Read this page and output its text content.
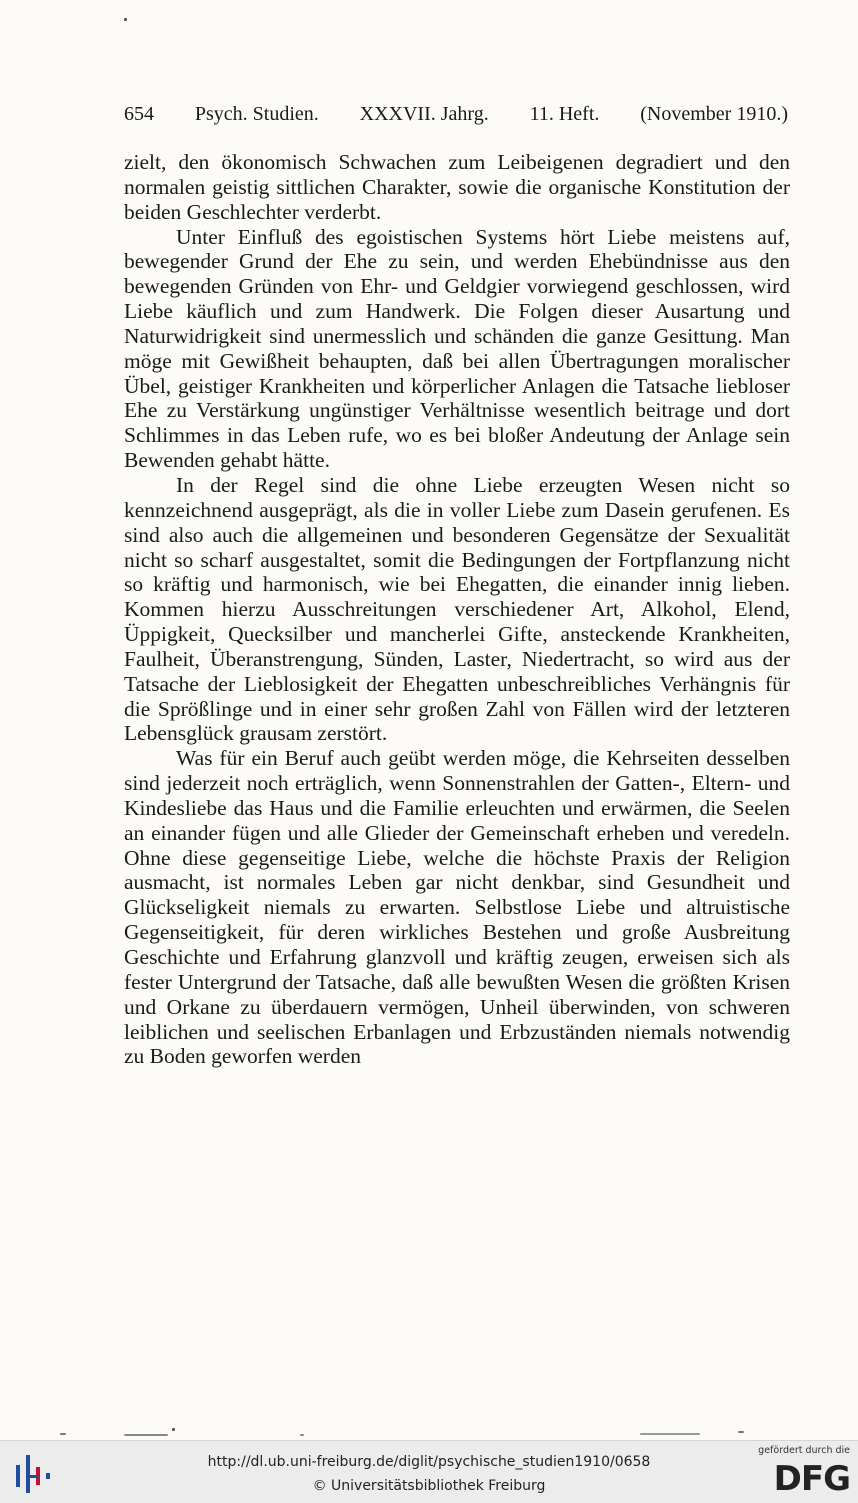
654 Psych. Studien. XXXVII. Jahrg. 11. Heft. (November 1910.)

zielt, den ökonomisch Schwachen zum Leibeigenen degradiert und den normalen geistig sittlichen Charakter, sowie die organische Konstitution der beiden Geschlechter verderbt.

Unter Einfluß des egoistischen Systems hört Liebe meistens auf, bewegender Grund der Ehe zu sein, und werden Ehebündnisse aus den bewegenden Gründen von Ehr- und Geldgier vorwiegend geschlossen, wird Liebe käuflich und zum Handwerk. Die Folgen dieser Ausartung und Naturwidrigkeit sind unermesslich und schänden die ganze Gesittung. Man möge mit Gewißheit behaupten, daß bei allen Übertragungen moralischer Übel, geistiger Krankheiten und körperlicher Anlagen die Tatsache liebloser Ehe zu Verstärkung ungünstiger Verhältnisse wesentlich beitrage und dort Schlimmes in das Leben rufe, wo es bei bloßer Andeutung der Anlage sein Bewenden gehabt hätte.

In der Regel sind die ohne Liebe erzeugten Wesen nicht so kennzeichnend ausgeprägt, als die in voller Liebe zum Dasein gerufenen. Es sind also auch die allgemeinen und besonderen Gegensätze der Sexualität nicht so scharf ausgestaltet, somit die Bedingungen der Fortpflanzung nicht so kräftig und harmonisch, wie bei Ehegatten, die einander innig lieben. Kommen hierzu Ausschreitungen verschiedener Art, Alkohol, Elend, Üppigkeit, Quecksilber und mancherlei Gifte, ansteckende Krankheiten, Faulheit, Überanstrengung, Sünden, Laster, Niedertracht, so wird aus der Tatsache der Lieblosigkeit der Ehegatten unbeschreibliches Verhängnis für die Sprößlinge und in einer sehr großen Zahl von Fällen wird der letzteren Lebensglück grausam zerstört.

Was für ein Beruf auch geübt werden möge, die Kehrseiten desselben sind jederzeit noch erträglich, wenn Sonnenstrahlen der Gatten-, Eltern- und Kindesliebe das Haus und die Familie erleuchten und erwärmen, die Seelen an einander fügen und alle Glieder der Gemeinschaft erheben und veredeln. Ohne diese gegenseitige Liebe, welche die höchste Praxis der Religion ausmacht, ist normales Leben gar nicht denkbar, sind Gesundheit und Glückseligkeit niemals zu erwarten. Selbstlose Liebe und altruistische Gegenseitigkeit, für deren wirkliches Bestehen und große Ausbreitung Geschichte und Erfahrung glanzvoll und kräftig zeugen, erweisen sich als fester Untergrund der Tatsache, daß alle bewußten Wesen die größten Krisen und Orkane zu überdauern vermögen, Unheil überwinden, von schweren leiblichen und seelischen Erbanlagen und Erbzuständen niemals notwendig zu Boden geworfen werden

http://dl.ub.uni-freiburg.de/diglit/psychische_studien1910/0658
© Universitätsbibliothek Freiburg
gefördert durch die
DFG
